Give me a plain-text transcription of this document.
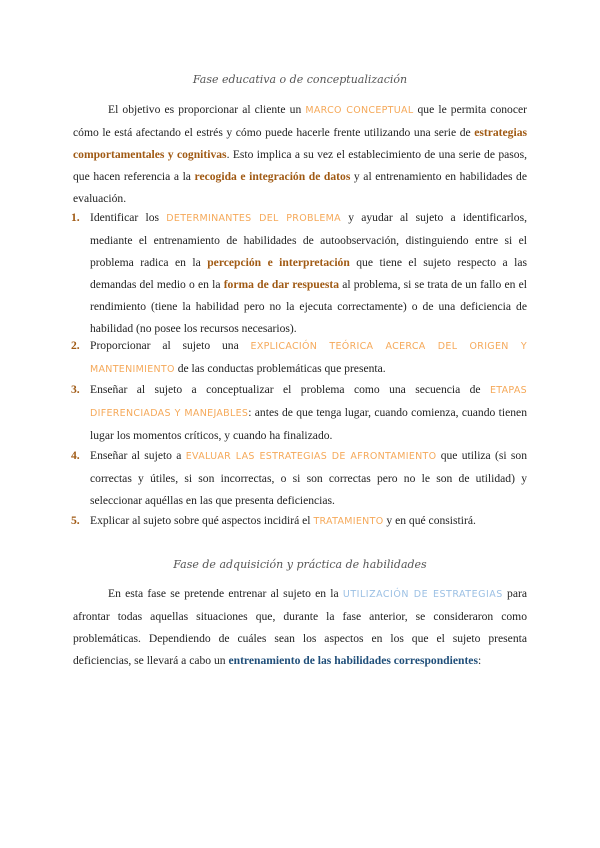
Fase educativa o de conceptualización

El objetivo es proporcionar al cliente un MARCO CONCEPTUAL que le permita conocer cómo le está afectando el estrés y cómo puede hacerle frente utilizando una serie de estrategias comportamentales y cognitivas. Esto implica a su vez el establecimiento de una serie de pasos, que hacen referencia a la recogida e integración de datos y al entrenamiento en habilidades de evaluación.

1. Identificar los DETERMINANTES DEL PROBLEMA y ayudar al sujeto a identificarlos, mediante el entrenamiento de habilidades de autoobservación, distinguiendo entre si el problema radica en la percepción e interpretación que tiene el sujeto respecto a las demandas del medio o en la forma de dar respuesta al problema, si se trata de un fallo en el rendimiento (tiene la habilidad pero no la ejecuta correctamente) o de una deficiencia de habilidad (no posee los recursos necesarios).

2. Proporcionar al sujeto una EXPLICACIÓN TEÓRICA ACERCA DEL ORIGEN Y MANTENIMIENTO de las conductas problemáticas que presenta.

3. Enseñar al sujeto a conceptualizar el problema como una secuencia de ETAPAS DIFERENCIADAS Y MANEJABLES: antes de que tenga lugar, cuando comienza, cuando tienen lugar los momentos críticos, y cuando ha finalizado.

4. Enseñar al sujeto a EVALUAR LAS ESTRATEGIAS DE AFRONTAMIENTO que utiliza (si son correctas y útiles, si son incorrectas, o si son correctas pero no le son de utilidad) y seleccionar aquéllas en las que presenta deficiencias.

5. Explicar al sujeto sobre qué aspectos incidirá el TRATAMIENTO y en qué consistirá.

Fase de adquisición y práctica de habilidades

En esta fase se pretende entrenar al sujeto en la UTILIZACIÓN DE ESTRATEGIAS para afrontar todas aquellas situaciones que, durante la fase anterior, se consideraron como problemáticas. Dependiendo de cuáles sean los aspectos en los que el sujeto presenta deficiencias, se llevará a cabo un entrenamiento de las habilidades correspondientes:
